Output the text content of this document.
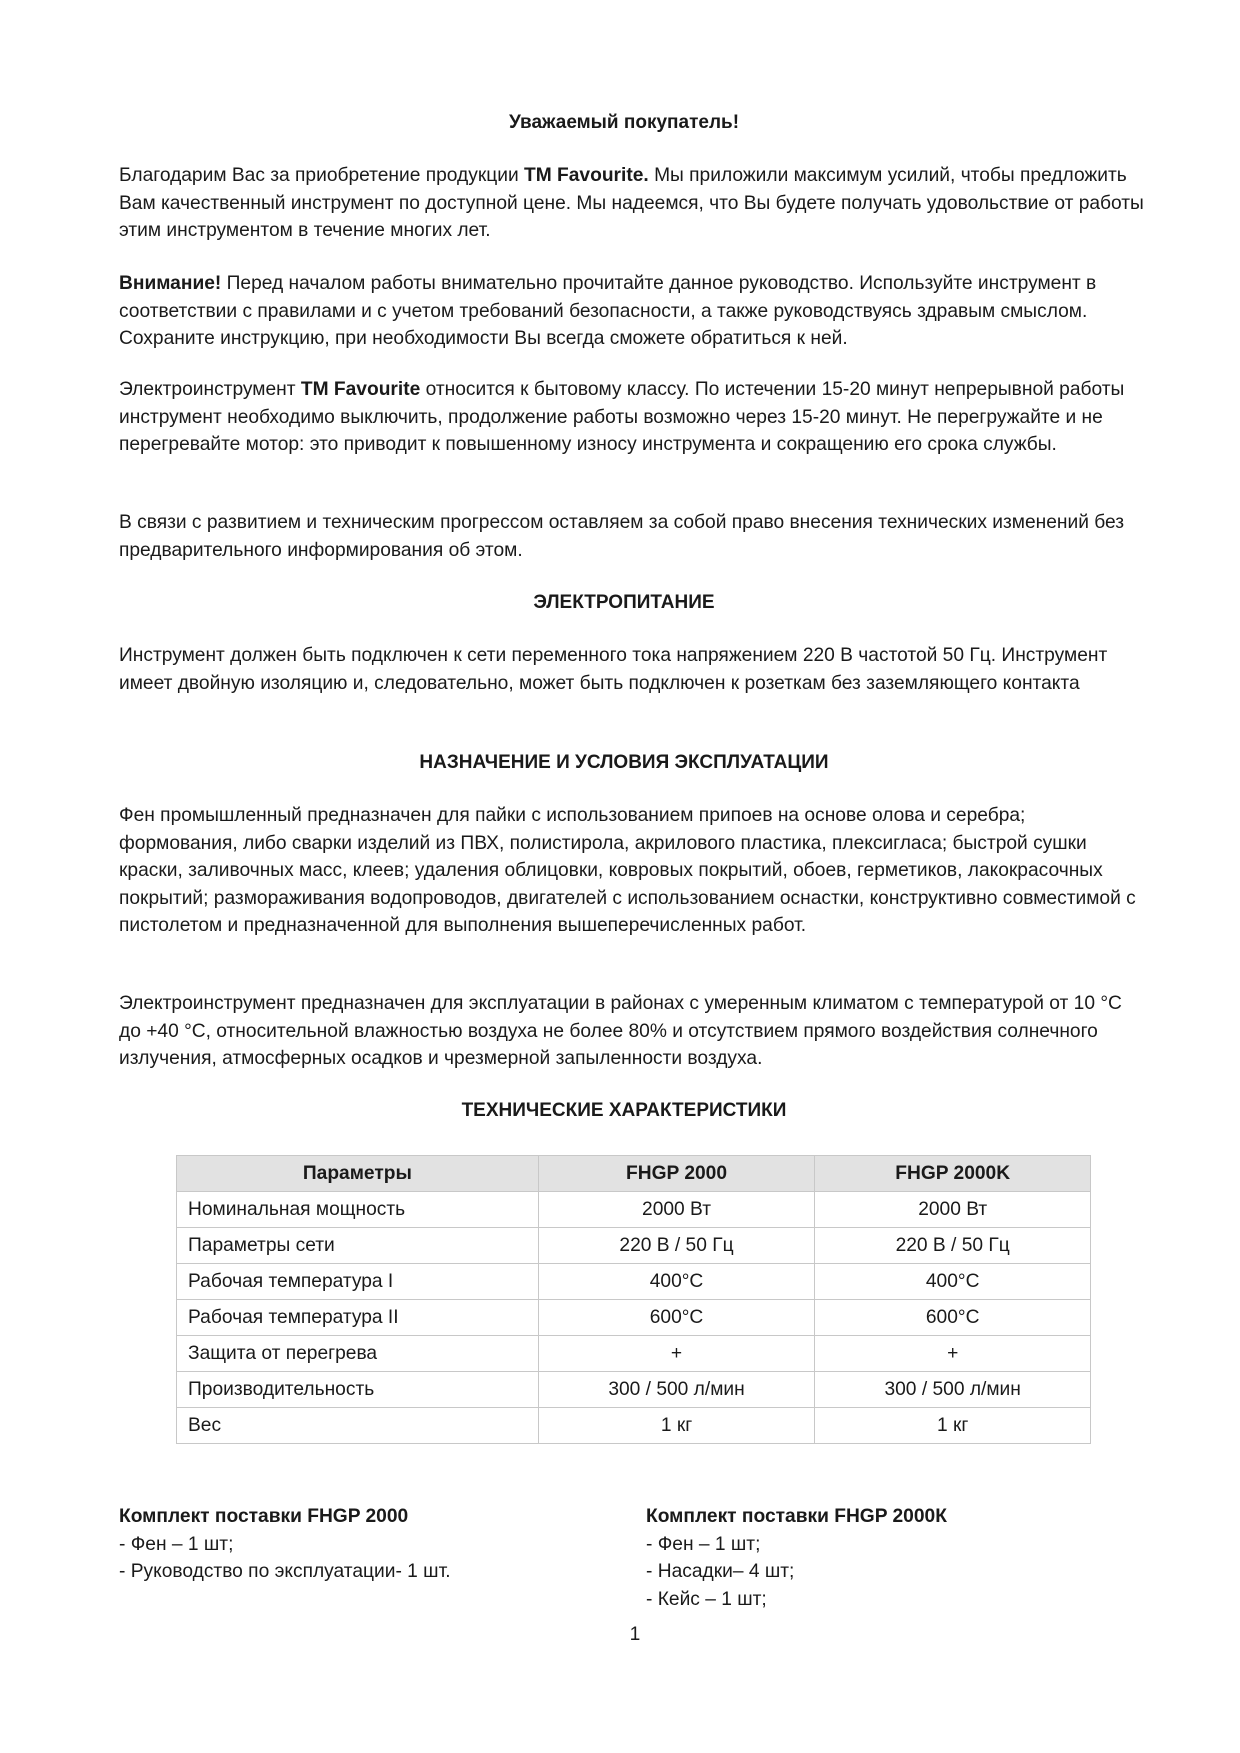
Уважаемый покупатель!
Благодарим Вас за приобретение продукции ТМ Favourite. Мы приложили максимум усилий, чтобы предложить Вам качественный инструмент по доступной цене. Мы надеемся, что Вы будете получать удовольствие от работы этим инструментом в течение многих лет.
Внимание! Перед началом работы внимательно прочитайте данное руководство. Используйте инструмент в соответствии с правилами и с учетом требований безопасности, а также руководствуясь здравым смыслом. Сохраните инструкцию, при необходимости Вы всегда сможете обратиться к ней.
Электроинструмент ТМ Favourite относится к бытовому классу. По истечении 15-20 минут непрерывной работы инструмент необходимо выключить, продолжение работы возможно через 15-20 минут. Не перегружайте и не перегревайте мотор: это приводит к повышенному износу инструмента и сокращению его срока службы.
В связи с развитием и техническим прогрессом оставляем за собой право внесения технических изменений без предварительного информирования об этом.
ЭЛЕКТРОПИТАНИЕ
Инструмент должен быть подключен к сети переменного тока напряжением 220 В частотой 50 Гц. Инструмент имеет двойную изоляцию и, следовательно, может быть подключен к розеткам без заземляющего контакта
НАЗНАЧЕНИЕ И УСЛОВИЯ ЭКСПЛУАТАЦИИ
Фен промышленный предназначен для пайки с использованием припоев на основе олова и серебра; формования, либо сварки изделий из ПВХ, полистирола, акрилового пластика, плексигласа; быстрой сушки краски, заливочных масс, клеев; удаления облицовки, ковровых покрытий, обоев, герметиков, лакокрасочных покрытий; размораживания водопроводов, двигателей с использованием оснастки, конструктивно совместимой с пистолетом и предназначенной для выполнения вышеперечисленных работ.
Электроинструмент предназначен для эксплуатации в районах с умеренным климатом с температурой от 10 °С до +40 °С, относительной влажностью воздуха не более 80% и отсутствием прямого воздействия солнечного излучения, атмосферных осадков и чрезмерной запыленности воздуха.
ТЕХНИЧЕСКИЕ ХАРАКТЕРИСТИКИ
Параметры	FHGP 2000	FHGP 2000K
Номинальная мощность	2000 Вт	2000 Вт
Параметры сети	220 В / 50 Гц	220 В / 50 Гц
Рабочая температура I	400°С	400°С
Рабочая температура II	600°С	600°С
Защита от перегрева	+	+
Производительность	300 / 500 л/мин	300 / 500 л/мин
Вес	1 кг	1 кг
Комплект поставки FHGP 2000
- Фен – 1 шт;
- Руководство по эксплуатации- 1 шт.
Комплект поставки FHGP 2000К
- Фен – 1 шт;
- Насадки– 4 шт;
- Кейс – 1 шт;
1
